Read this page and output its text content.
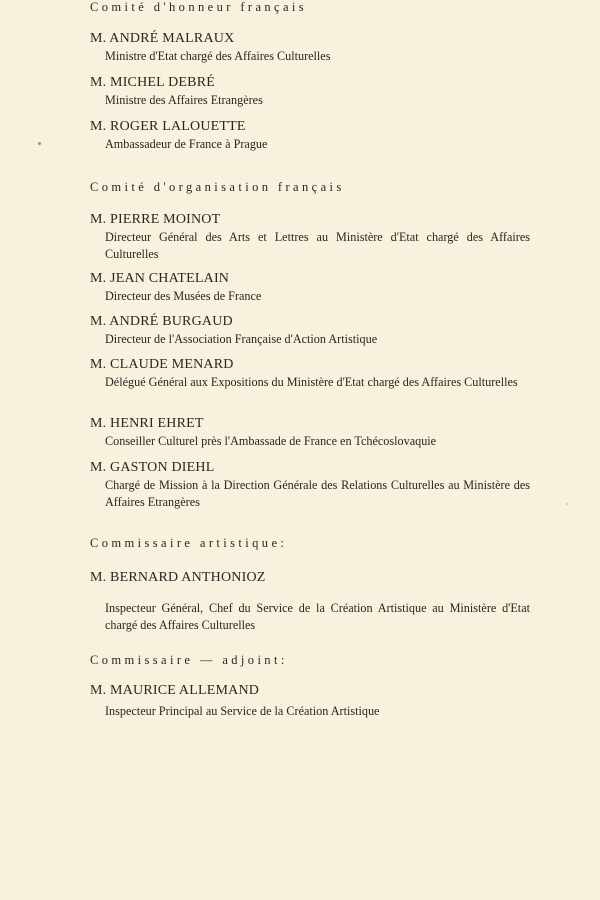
Comité d'honneur français
M. ANDRÉ MALRAUX
Ministre d'Etat chargé des Affaires Culturelles
M. MICHEL DEBRÉ
Ministre des Affaires Etrangères
M. ROGER LALOUETTE
Ambassadeur de France à Prague
Comité d'organisation français
M. PIERRE MOINOT
Directeur Général des Arts et Lettres au Ministère d'Etat chargé des Affaires Culturelles
M. JEAN CHATELAIN
Directeur des Musées de France
M. ANDRÉ BURGAUD
Directeur de l'Association Française d'Action Artistique
M. CLAUDE MENARD
Délégué Général aux Expositions du Ministère d'Etat chargé des Affaires Culturelles
M. HENRI EHRET
Conseiller Culturel près l'Ambassade de France en Tchécoslovaquie
M. GASTON DIEHL
Chargé de Mission à la Direction Générale des Relations Culturelles au Ministère des Affaires Etrangères
Commissaire artistique:
M. BERNARD ANTHONIOZ
Inspecteur Général, Chef du Service de la Création Artistique au Ministère d'Etat chargé des Affaires Culturelles
Commissaire — adjoint:
M. MAURICE ALLEMAND
Inspecteur Principal au Service de la Création Artistique
